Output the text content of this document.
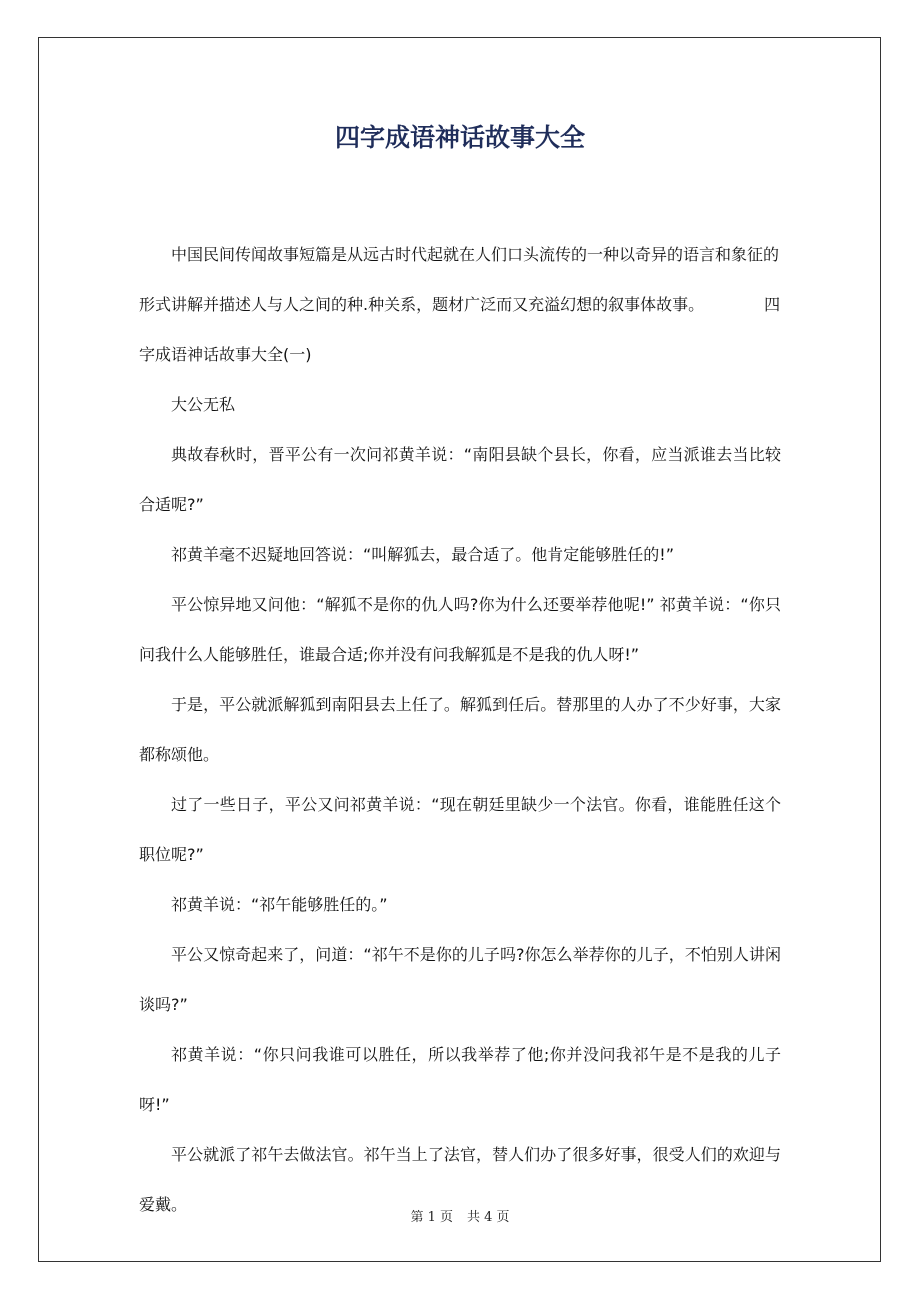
四字成语神话故事大全

中国民间传闻故事短篇是从远古时代起就在人们口头流传的一种以奇异的语言和象征的形式讲解并描述人与人之间的种.种关系，题材广泛而又充溢幻想的叙事体故事。	四字成语神话故事大全(一)

大公无私

典故春秋时，晋平公有一次问祁黄羊说：“南阳县缺个县长，你看，应当派谁去当比较合适呢?”

祁黄羊毫不迟疑地回答说：“叫解狐去，最合适了。他肯定能够胜任的!”

平公惊异地又问他：“解狐不是你的仇人吗?你为什么还要举荐他呢!” 祁黄羊说：“你只问我什么人能够胜任，谁最合适;你并没有问我解狐是不是我的仇人呀!”

于是，平公就派解狐到南阳县去上任了。解狐到任后。替那里的人办了不少好事，大家都称颂他。

过了一些日子，平公又问祁黄羊说：“现在朝廷里缺少一个法官。你看，谁能胜任这个职位呢?”

祁黄羊说：“祁午能够胜任的。”

平公又惊奇起来了，问道：“祁午不是你的儿子吗?你怎么举荐你的儿子，不怕别人讲闲谈吗?”

祁黄羊说：“你只问我谁可以胜任，所以我举荐了他;你并没问我祁午是不是我的儿子呀!”

平公就派了祁午去做法官。祁午当上了法官，替人们办了很多好事，很受人们的欢迎与爱戴。

第 1 页 共 4 页
